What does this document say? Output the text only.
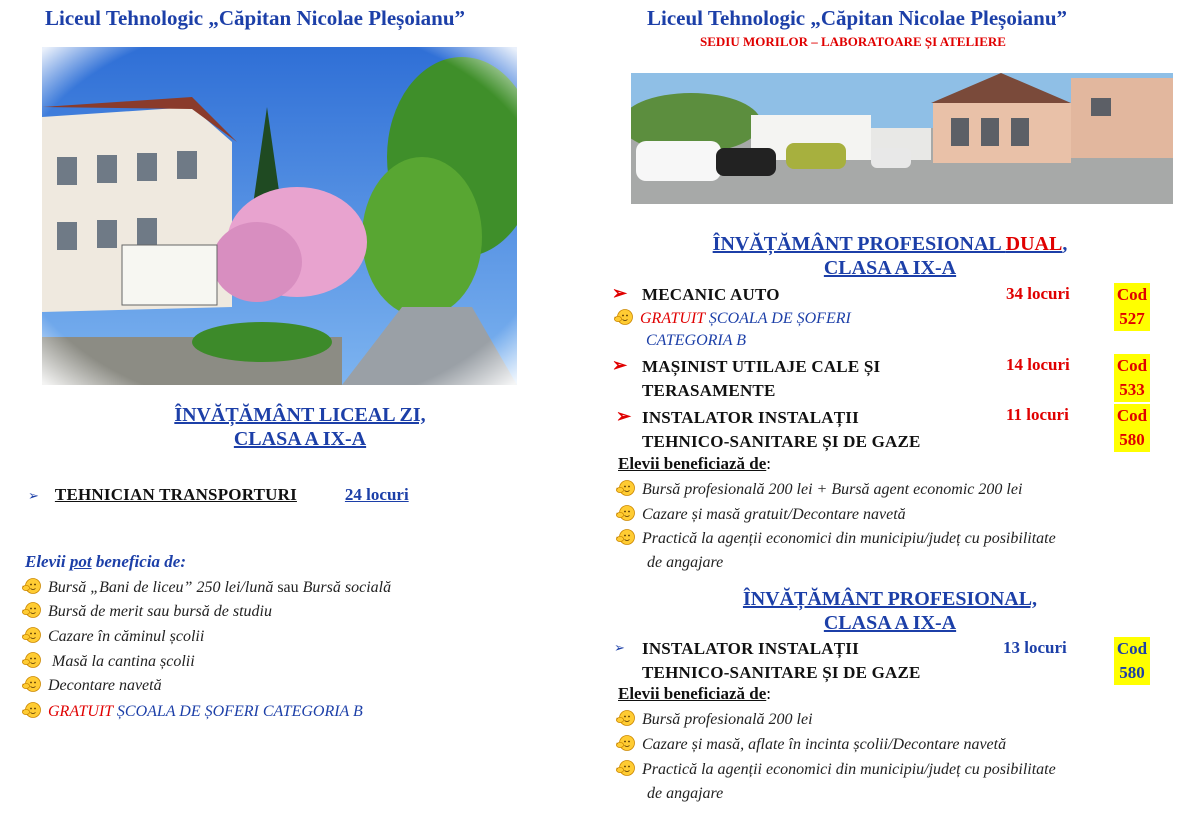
Liceul Tehnologic „Căpitan Nicolae Pleșoianu”
ÎNVĂȚĂMÂNT LICEAL ZI,
CLASA A IX-A
➢ TEHNICIAN TRANSPORTURI	24 locuri
Elevii pot beneficia de:
Bursă „Bani de liceu” 250 lei/lună sau Bursă socială
Bursă de merit sau bursă de studiu
Cazare în căminul școlii
Masă la cantina școlii
Decontare navetă
GRATUIT ȘCOALA DE ȘOFERI CATEGORIA B
Liceul Tehnologic „Căpitan Nicolae Pleșoianu”
SEDIU MORILOR – LABORATOARE ȘI ATELIERE
ÎNVĂȚĂMÂNT PROFESIONAL DUAL,
CLASA A IX-A
➢ MECANIC AUTO	34 locuri	Cod
527
GRATUIT ȘCOALA DE ȘOFERI
CATEGORIA B
➢ MAȘINIST UTILAJE CALE ȘI
TERASAMENTE
14 locuri	Cod
533
➢ INSTALATOR INSTALAȚII
TEHNICO-SANITARE ȘI DE GAZE
11 locuri	Cod
580
Elevii beneficiază de:
Bursă profesională 200 lei + Bursă agent economic 200 lei
Cazare și masă gratuit/Decontare navetă
Practică la agenții economici din municipiu/județ cu posibilitate
de angajare
ÎNVĂȚĂMÂNT PROFESIONAL,
CLASA A IX-A
➢ INSTALATOR INSTALAȚII
TEHNICO-SANITARE ȘI DE GAZE
13 locuri	Cod
580
Elevii beneficiază de:
Bursă profesională 200 lei
Cazare și masă, aflate în incinta școlii/Decontare navetă
Practică la agenții economici din municipiu/județ cu posibilitate
de angajare
